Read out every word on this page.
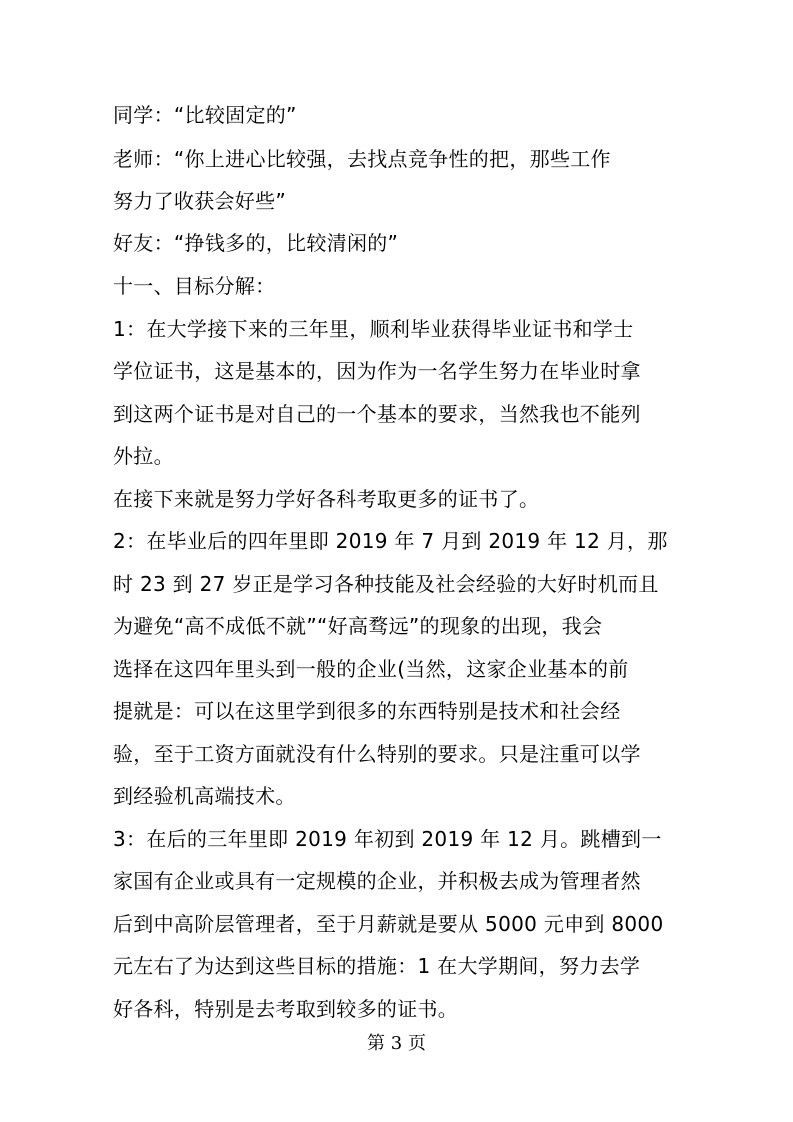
同学：“比较固定的”
老师：“你上进心比较强，去找点竞争性的把，那些工作
努力了收获会好些”
好友：“挣钱多的，比较清闲的”
十一、目标分解：
1：在大学接下来的三年里，顺利毕业获得毕业证书和学士
学位证书，这是基本的，因为作为一名学生努力在毕业时拿
到这两个证书是对自己的一个基本的要求，当然我也不能列
外拉。
在接下来就是努力学好各科考取更多的证书了。
2：在毕业后的四年里即 2019 年 7 月到 2019 年 12 月，那
时 23 到 27 岁正是学习各种技能及社会经验的大好时机而且
为避免“高不成低不就”“好高骛远”的现象的出现，我会
选择在这四年里头到一般的企业(当然，这家企业基本的前
提就是：可以在这里学到很多的东西特别是技术和社会经
验，至于工资方面就没有什么特别的要求。只是注重可以学
到经验机高端技术。
3：在后的三年里即 2019 年初到 2019 年 12 月。跳槽到一
家国有企业或具有一定规模的企业，并积极去成为管理者然
后到中高阶层管理者，至于月薪就是要从 5000 元申到 8000
元左右了为达到这些目标的措施：1 在大学期间，努力去学
好各科，特别是去考取到较多的证书。
第 3 页
